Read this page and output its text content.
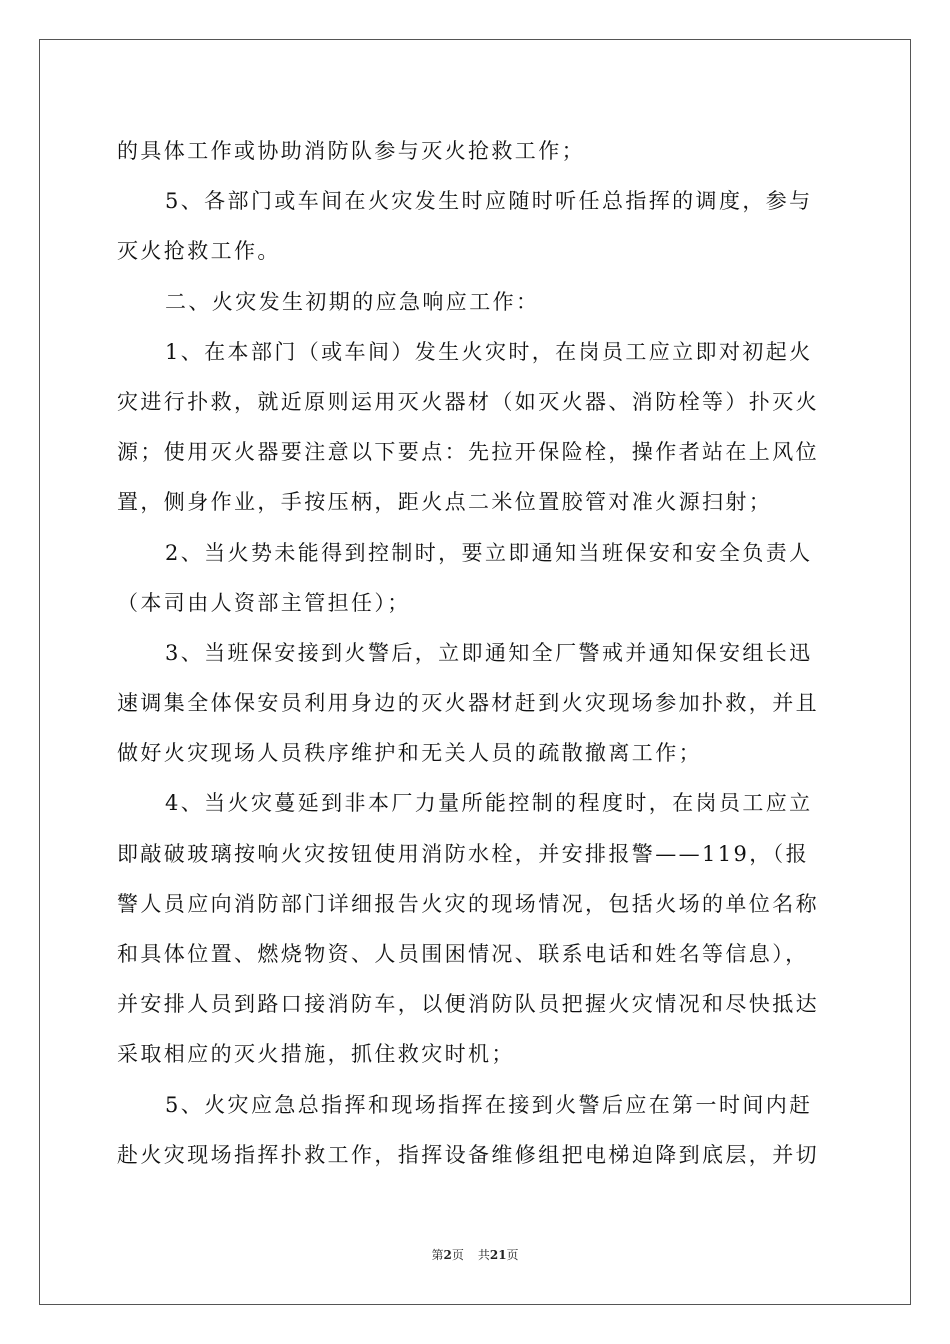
的具体工作或协助消防队参与灭火抢救工作；
5、各部门或车间在火灾发生时应随时听任总指挥的调度，参与
灭火抢救工作。
二、火灾发生初期的应急响应工作：
1、在本部门（或车间）发生火灾时，在岗员工应立即对初起火
灾进行扑救，就近原则运用灭火器材（如灭火器、消防栓等）扑灭火
源；使用灭火器要注意以下要点：先拉开保险栓，操作者站在上风位
置，侧身作业，手按压柄，距火点二米位置胶管对准火源扫射；
2、当火势未能得到控制时，要立即通知当班保安和安全负责人
（本司由人资部主管担任）；
3、当班保安接到火警后，立即通知全厂警戒并通知保安组长迅
速调集全体保安员利用身边的灭火器材赶到火灾现场参加扑救，并且
做好火灾现场人员秩序维护和无关人员的疏散撤离工作；
4、当火灾蔓延到非本厂力量所能控制的程度时，在岗员工应立
即敲破玻璃按响火灾按钮使用消防水栓，并安排报警——119，（报
警人员应向消防部门详细报告火灾的现场情况，包括火场的单位名称
和具体位置、燃烧物资、人员围困情况、联系电话和姓名等信息），
并安排人员到路口接消防车，以便消防队员把握火灾情况和尽快抵达
采取相应的灭火措施，抓住救灾时机；
5、火灾应急总指挥和现场指挥在接到火警后应在第一时间内赶
赴火灾现场指挥扑救工作，指挥设备维修组把电梯迫降到底层，并切
第2页 共21页
